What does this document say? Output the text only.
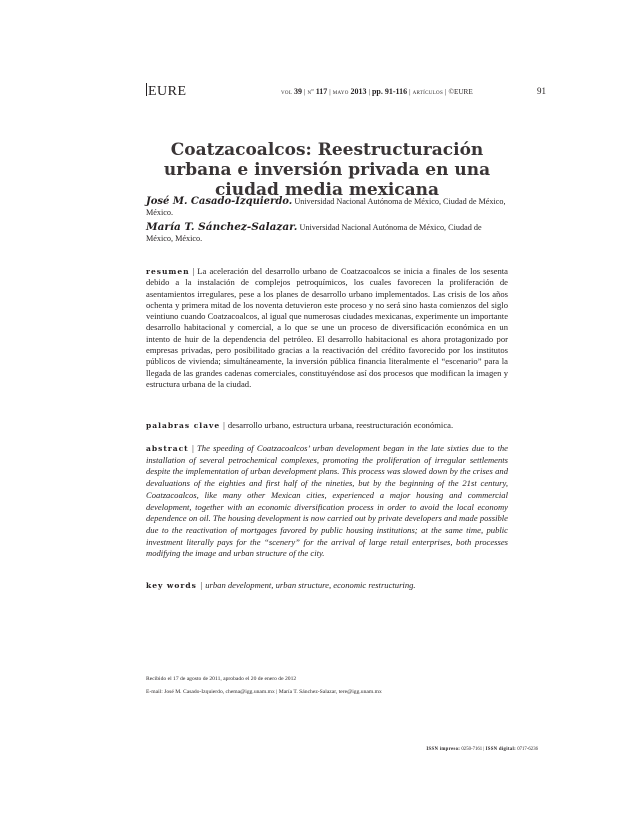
EURE	vol 39 | nº 117 | mayo 2013 | pp. 91-116 | artículos | ©EURE	91
Coatzacoalcos: Reestructuración urbana e inversión privada en una ciudad media mexicana
José M. Casado-Izquierdo. Universidad Nacional Autónoma de México, Ciudad de México, México.
María T. Sánchez-Salazar. Universidad Nacional Autónoma de México, Ciudad de México, México.
resumen | La aceleración del desarrollo urbano de Coatzacoalcos se inicia a finales de los sesenta debido a la instalación de complejos petroquímicos, los cuales favorecen la proliferación de asentamientos irregulares, pese a los planes de desarrollo urbano implementados. Las crisis de los años ochenta y primera mitad de los noventa detuvieron este proceso y no será sino hasta comienzos del siglo veintiuno cuando Coatzacoalcos, al igual que numerosas ciudades mexicanas, experimente un importante desarrollo habitacional y comercial, a lo que se une un proceso de diversificación económica en un intento de huir de la dependencia del petróleo. El desarrollo habitacional es ahora protagonizado por empresas privadas, pero posibilitado gracias a la reactivación del crédito favorecido por los institutos públicos de vivienda; simultáneamente, la inversión pública financia literalmente el “escenario” para la llegada de las grandes cadenas comerciales, constituyéndose así dos procesos que modifican la imagen y estructura urbana de la ciudad.
palabras clave | desarrollo urbano, estructura urbana, reestructuración económica.
abstract | The speeding of Coatzacoalcos’ urban development began in the late sixties due to the installation of several petrochemical complexes, promoting the proliferation of irregular settlements despite the implementation of urban development plans. This process was slowed down by the crises and devaluations of the eighties and first half of the nineties, but by the beginning of the 21st century, Coatzacoalcos, like many other Mexican cities, experienced a major housing and commercial development, together with an economic diversification process in order to avoid the local economy dependence on oil. The housing development is now carried out by private developers and made possible due to the reactivation of mortgages favored by public housing institutions; at the same time, public investment literally pays for the “scenery” for the arrival of large retail enterprises, both processes modifying the image and urban structure of the city.
key words | urban development, urban structure, economic restructuring.
Recibido el 17 de agosto de 2011, aprobado el 20 de enero de 2012
E-mail: José M. Casado-Izquierdo, chema@igg.unam.mx | María T. Sánchez-Salazar, tere@igg.unam.mx
ISSN impreso: 0250-7161 | ISSN digital: 0717-6236
